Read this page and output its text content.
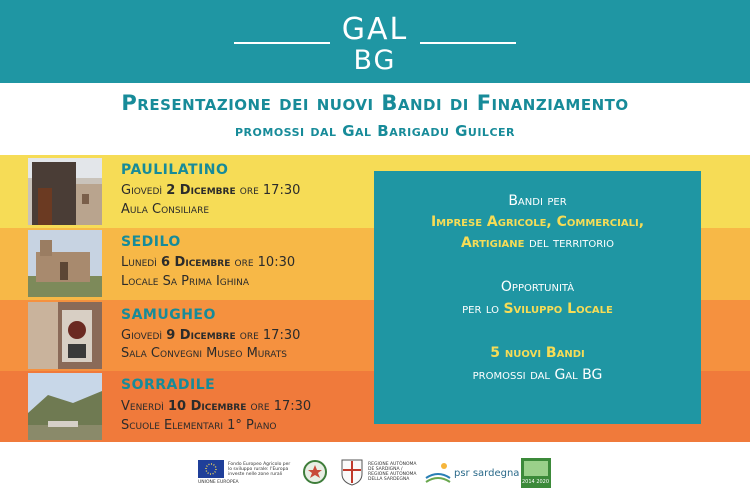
GAL
BG
Presentazione dei nuovi Bandi di Finanziamento
promossi dal Gal Barigadu Guilcer
PAULILATINO
Giovedì 2 Dicembre ore 17:30
Aula Consiliare
SEDILO
Lunedì 6 Dicembre ore 10:30
Locale Sa Prima Ighina
SAMUGHEO
Giovedì 9 Dicembre ore 17:30
Sala Convegni Museo Murats
SORRADILE
Venerdì 10 Dicembre ore 17:30
Scuole Elementari 1° Piano
Bandi per
Imprese Agricole, Commerciali,
Artigiane del territorio
Opportunità
per lo Sviluppo Locale
5 nuovi Bandi
promossi dal Gal BG
UNIONE EUROPEA
Fondo Europeo Agricolo per lo sviluppo rurale: l'Europa investe nelle zone rurali
REGIONE AUTÒNOMA DE SARDIGNA / REGIONE AUTONOMA DELLA SARDEGNA
psr sardegna
2014 2020
